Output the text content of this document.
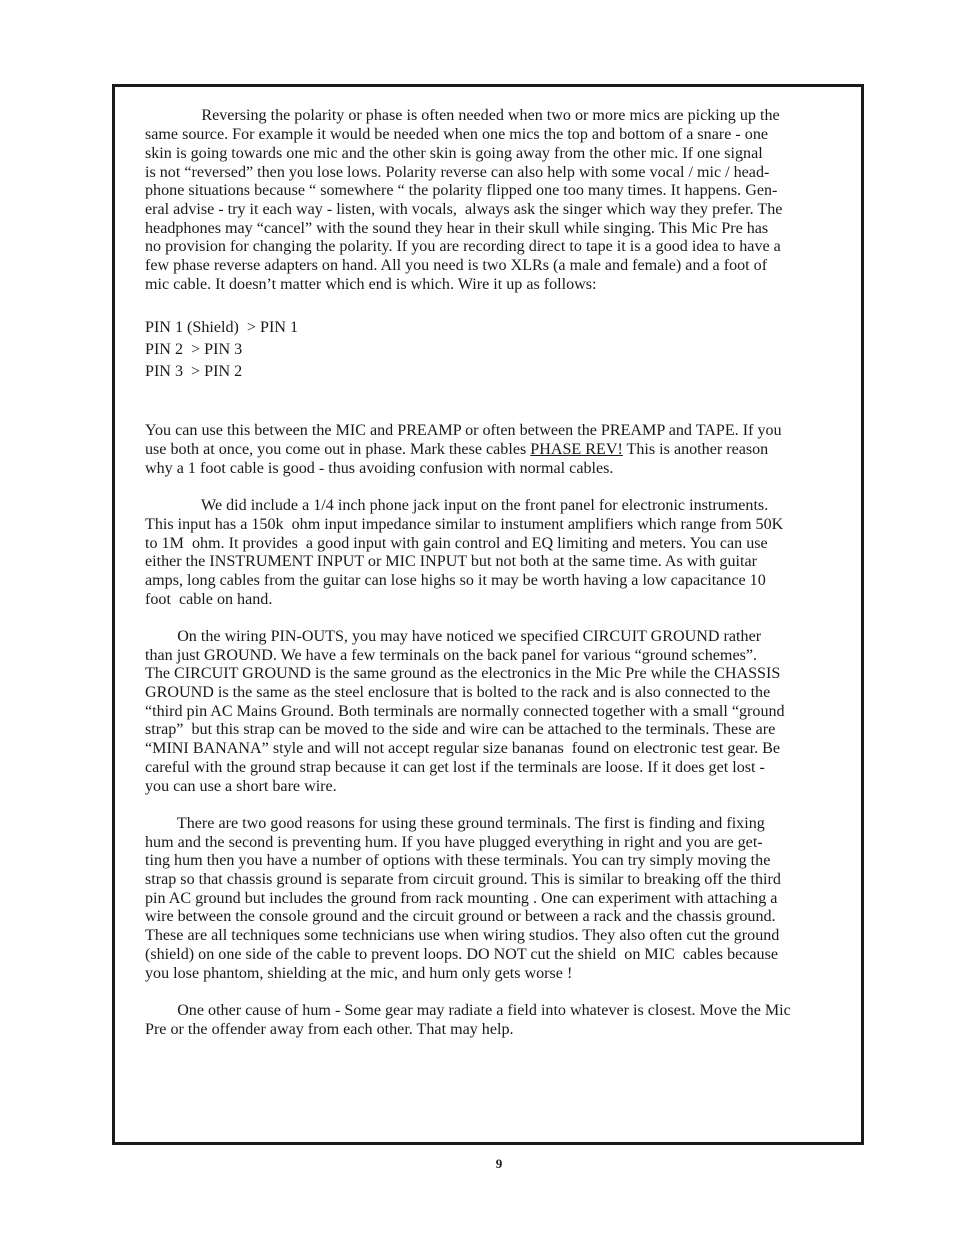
Reversing the polarity or phase is often needed when two or more mics are picking up the
same source. For example it would be needed when one mics the top and bottom of a snare - one
skin is going towards one mic and the other skin is going away from the other mic. If one signal
is not “reversed” then you lose lows. Polarity reverse can also help with some vocal / mic / head-
phone situations because “ somewhere “ the polarity flipped one too many times. It happens. Gen-
eral advise - try it each way - listen, with vocals,  always ask the singer which way they prefer. The
headphones may “cancel” with the sound they hear in their skull while singing. This Mic Pre has
no provision for changing the polarity. If you are recording direct to tape it is a good idea to have a
few phase reverse adapters on hand. All you need is two XLRs (a male and female) and a foot of
mic cable. It doesn’t matter which end is which. Wire it up as follows:
PIN 1 (Shield)  > PIN 1
PIN 2  > PIN 3
PIN 3  > PIN 2
You can use this between the MIC and PREAMP or often between the PREAMP and TAPE. If you
use both at once, you come out in phase. Mark these cables PHASE REV! This is another reason
why a 1 foot cable is good - thus avoiding confusion with normal cables.
We did include a 1/4 inch phone jack input on the front panel for electronic instruments.
This input has a 150k  ohm input impedance similar to instument amplifiers which range from 50K
to 1M  ohm. It provides  a good input with gain control and EQ limiting and meters. You can use
either the INSTRUMENT INPUT or MIC INPUT but not both at the same time. As with guitar
amps, long cables from the guitar can lose highs so it may be worth having a low capacitance 10
foot  cable on hand.
On the wiring PIN-OUTS, you may have noticed we specified CIRCUIT GROUND rather
than just GROUND. We have a few terminals on the back panel for various “ground schemes”.
The CIRCUIT GROUND is the same ground as the electronics in the Mic Pre while the CHASSIS
GROUND is the same as the steel enclosure that is bolted to the rack and is also connected to the
“third pin AC Mains Ground. Both terminals are normally connected together with a small “ground
strap”  but this strap can be moved to the side and wire can be attached to the terminals. These are
“MINI BANANA” style and will not accept regular size bananas  found on electronic test gear. Be
careful with the ground strap because it can get lost if the terminals are loose. If it does get lost -
you can use a short bare wire.
There are two good reasons for using these ground terminals. The first is finding and fixing
hum and the second is preventing hum. If you have plugged everything in right and you are get-
ting hum then you have a number of options with these terminals. You can try simply moving the
strap so that chassis ground is separate from circuit ground. This is similar to breaking off the third
pin AC ground but includes the ground from rack mounting . One can experiment with attaching a
wire between the console ground and the circuit ground or between a rack and the chassis ground.
These are all techniques some technicians use when wiring studios. They also often cut the ground
(shield) on one side of the cable to prevent loops. DO NOT cut the shield  on MIC  cables because
you lose phantom, shielding at the mic, and hum only gets worse !
One other cause of hum - Some gear may radiate a field into whatever is closest. Move the Mic
Pre or the offender away from each other. That may help.
9
